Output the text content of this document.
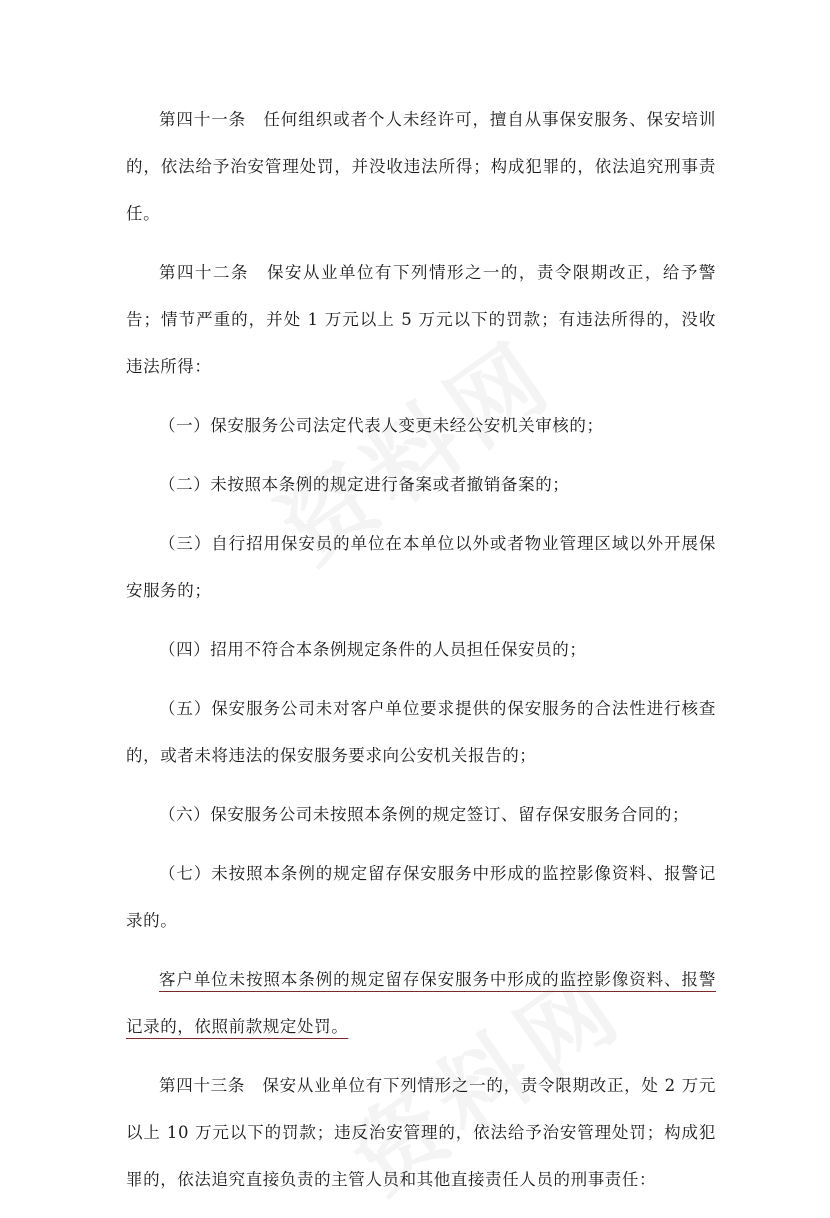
第四十一条　任何组织或者个人未经许可，擅自从事保安服务、保安培训的，依法给予治安管理处罚，并没收违法所得；构成犯罪的，依法追究刑事责任。

第四十二条　保安从业单位有下列情形之一的，责令限期改正，给予警告；情节严重的，并处 1 万元以上 5 万元以下的罚款；有违法所得的，没收违法所得：

（一）保安服务公司法定代表人变更未经公安机关审核的；

（二）未按照本条例的规定进行备案或者撤销备案的；

（三）自行招用保安员的单位在本单位以外或者物业管理区域以外开展保安服务的；

（四）招用不符合本条例规定条件的人员担任保安员的；

（五）保安服务公司未对客户单位要求提供的保安服务的合法性进行核查的，或者未将违法的保安服务要求向公安机关报告的；

（六）保安服务公司未按照本条例的规定签订、留存保安服务合同的；

（七）未按照本条例的规定留存保安服务中形成的监控影像资料、报警记录的。

客户单位未按照本条例的规定留存保安服务中形成的监控影像资料、报警记录的，依照前款规定处罚。

第四十三条　保安从业单位有下列情形之一的，责令限期改正，处 2 万元以上 10 万元以下的罚款；违反治安管理的，依法给予治安管理处罚；构成犯罪的，依法追究直接负责的主管人员和其他直接责任人员的刑事责任：
